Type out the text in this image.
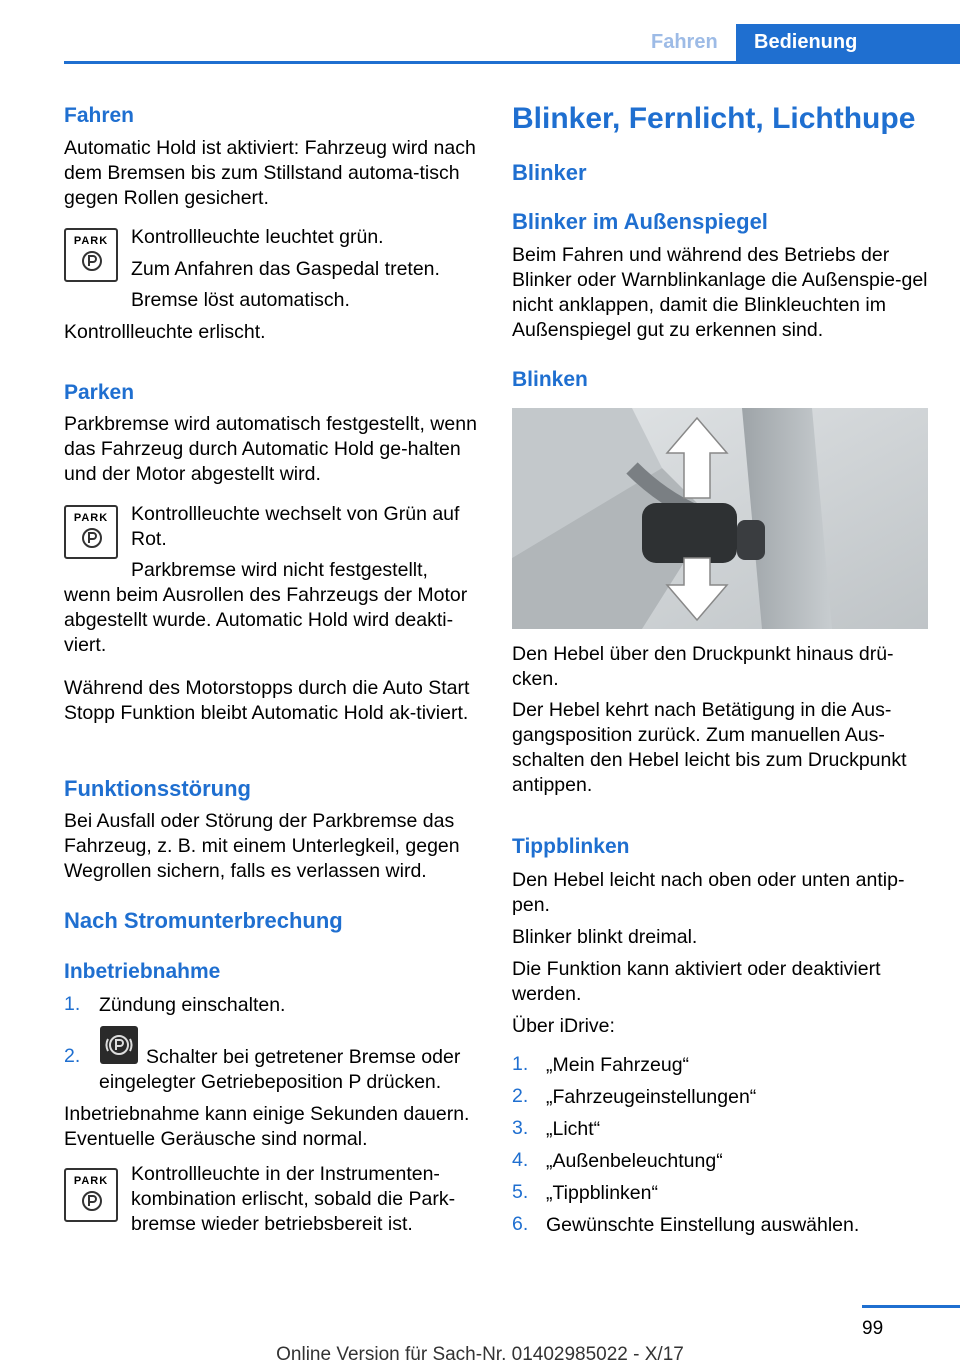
Fahren	Bedienung
Fahren

Automatic Hold ist aktiviert: Fahrzeug wird nach dem Bremsen bis zum Stillstand automa-tisch gegen Rollen gesichert.

PARK	Kontrollleuchte leuchtet grün.
Zum Anfahren das Gaspedal treten.
Bremse löst automatisch.
Kontrollleuchte erlischt.
Parken

Parkbremse wird automatisch festgestellt, wenn das Fahrzeug durch Automatic Hold ge-halten und der Motor abgestellt wird.

PARK	Kontrollleuchte wechselt von Grün auf Rot.

Parkbremse wird nicht festgestellt,

wenn beim Ausrollen des Fahrzeugs der Motor abgestellt wurde. Automatic Hold wird deakti-viert.

Während des Motorstopps durch die Auto Start Stopp Funktion bleibt Automatic Hold ak-tiviert.

Funktionsstörung

Bei Ausfall oder Störung der Parkbremse das Fahrzeug, z. B. mit einem Unterlegkeil, gegen Wegrollen sichern, falls es verlassen wird.

Nach Stromunterbrechung
Inbetriebnahme
1. Zündung einschalten.
2.	Schalter bei getretener Bremse oder
eingelegter Getriebeposition P drücken.

Inbetriebnahme kann einige Sekunden dauern. Eventuelle Geräusche sind normal.

PARK	Kontrollleuchte in der Instrumenten-kombination erlischt, sobald die Park-bremse wieder betriebsbereit ist.

Blinker, Fernlicht, Lichthupe
Blinker
Blinker im Außenspiegel

Beim Fahren und während des Betriebs der Blinker oder Warnblinkanlage die Außenspie-gel nicht anklappen, damit die Blinkleuchten im Außenspiegel gut zu erkennen sind.

Blinken

Den Hebel über den Druckpunkt hinaus drü-cken.

Der Hebel kehrt nach Betätigung in die Aus-gangsposition zurück. Zum manuellen Aus-schalten den Hebel leicht bis zum Druckpunkt antippen.

Tippblinken

Den Hebel leicht nach oben oder unten antip-pen.

Blinker blinkt dreimal.

Die Funktion kann aktiviert oder deaktiviert werden.

Über iDrive:
1. „Mein Fahrzeug“
2. „Fahrzeugeinstellungen“
3. „Licht“
4. „Außenbeleuchtung“
5. „Tippblinken“
6. Gewünschte Einstellung auswählen.
99
Online Version für Sach-Nr. 01402985022 - X/17
